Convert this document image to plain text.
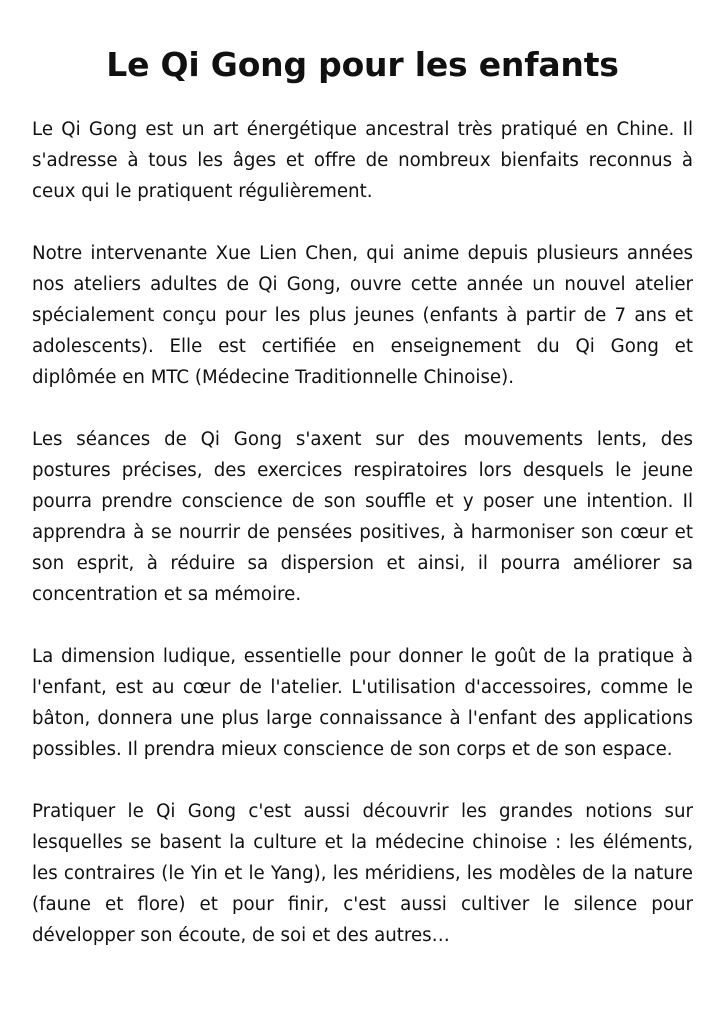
Le Qi Gong pour les enfants

Le Qi Gong est un art énergétique ancestral très pratiqué en Chine. Il s'adresse à tous les âges et offre de nombreux bienfaits reconnus à ceux qui le pratiquent régulièrement.

Notre intervenante Xue Lien Chen, qui anime depuis plusieurs années nos ateliers adultes de Qi Gong, ouvre cette année un nouvel atelier spécialement conçu pour les plus jeunes (enfants à partir de 7 ans et adolescents). Elle est certifiée en enseignement du Qi Gong et diplômée en MTC (Médecine Traditionnelle Chinoise).

Les séances de Qi Gong s'axent sur des mouvements lents, des postures précises, des exercices respiratoires lors desquels le jeune pourra prendre conscience de son souffle et y poser une intention. Il apprendra à se nourrir de pensées positives, à harmoniser son cœur et son esprit, à réduire sa dispersion et ainsi, il pourra améliorer sa concentration et sa mémoire.

La dimension ludique, essentielle pour donner le goût de la pratique à l'enfant, est au cœur de l'atelier. L'utilisation d'accessoires, comme le bâton, donnera une plus large connaissance à l'enfant des applications possibles. Il prendra mieux conscience de son corps et de son espace.

Pratiquer le Qi Gong c'est aussi découvrir les grandes notions sur lesquelles se basent la culture et la médecine chinoise : les éléments, les contraires (le Yin et le Yang), les méridiens, les modèles de la nature (faune et flore) et pour finir, c'est aussi cultiver le silence pour développer son écoute, de soi et des autres…
